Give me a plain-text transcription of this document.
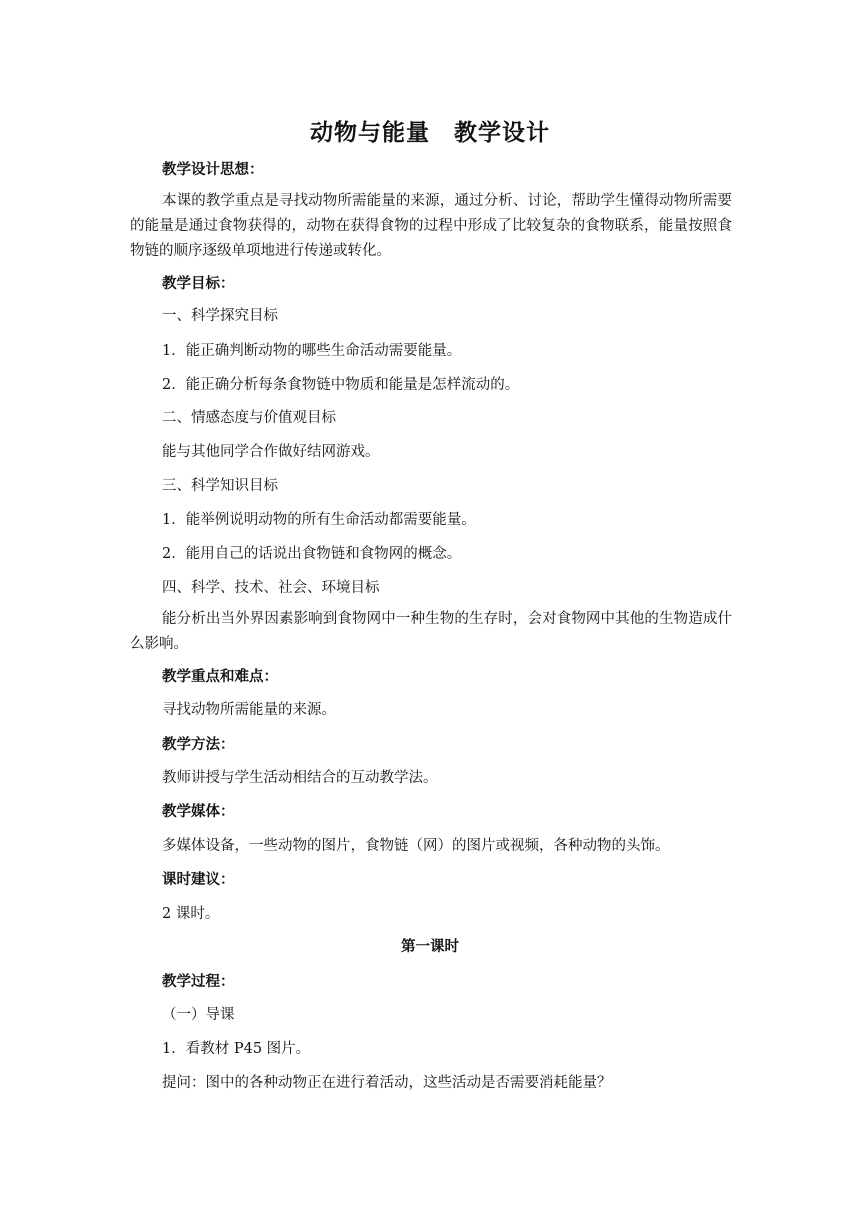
动物与能量　教学设计
教学设计思想：
本课的教学重点是寻找动物所需能量的来源，通过分析、讨论，帮助学生懂得动物所需要的能量是通过食物获得的，动物在获得食物的过程中形成了比较复杂的食物联系，能量按照食物链的顺序逐级单项地进行传递或转化。
教学目标：
一、科学探究目标
1．能正确判断动物的哪些生命活动需要能量。
2．能正确分析每条食物链中物质和能量是怎样流动的。
二、情感态度与价值观目标
能与其他同学合作做好结网游戏。
三、科学知识目标
1．能举例说明动物的所有生命活动都需要能量。
2．能用自己的话说出食物链和食物网的概念。
四、科学、技术、社会、环境目标
能分析出当外界因素影响到食物网中一种生物的生存时，会对食物网中其他的生物造成什么影响。
教学重点和难点：
寻找动物所需能量的来源。
教学方法：
教师讲授与学生活动相结合的互动教学法。
教学媒体：
多媒体设备，一些动物的图片，食物链（网）的图片或视频，各种动物的头饰。
课时建议：
2 课时。
第一课时
教学过程：
（一）导课
1．看教材 P45 图片。
提问：图中的各种动物正在进行着活动，这些活动是否需要消耗能量？
